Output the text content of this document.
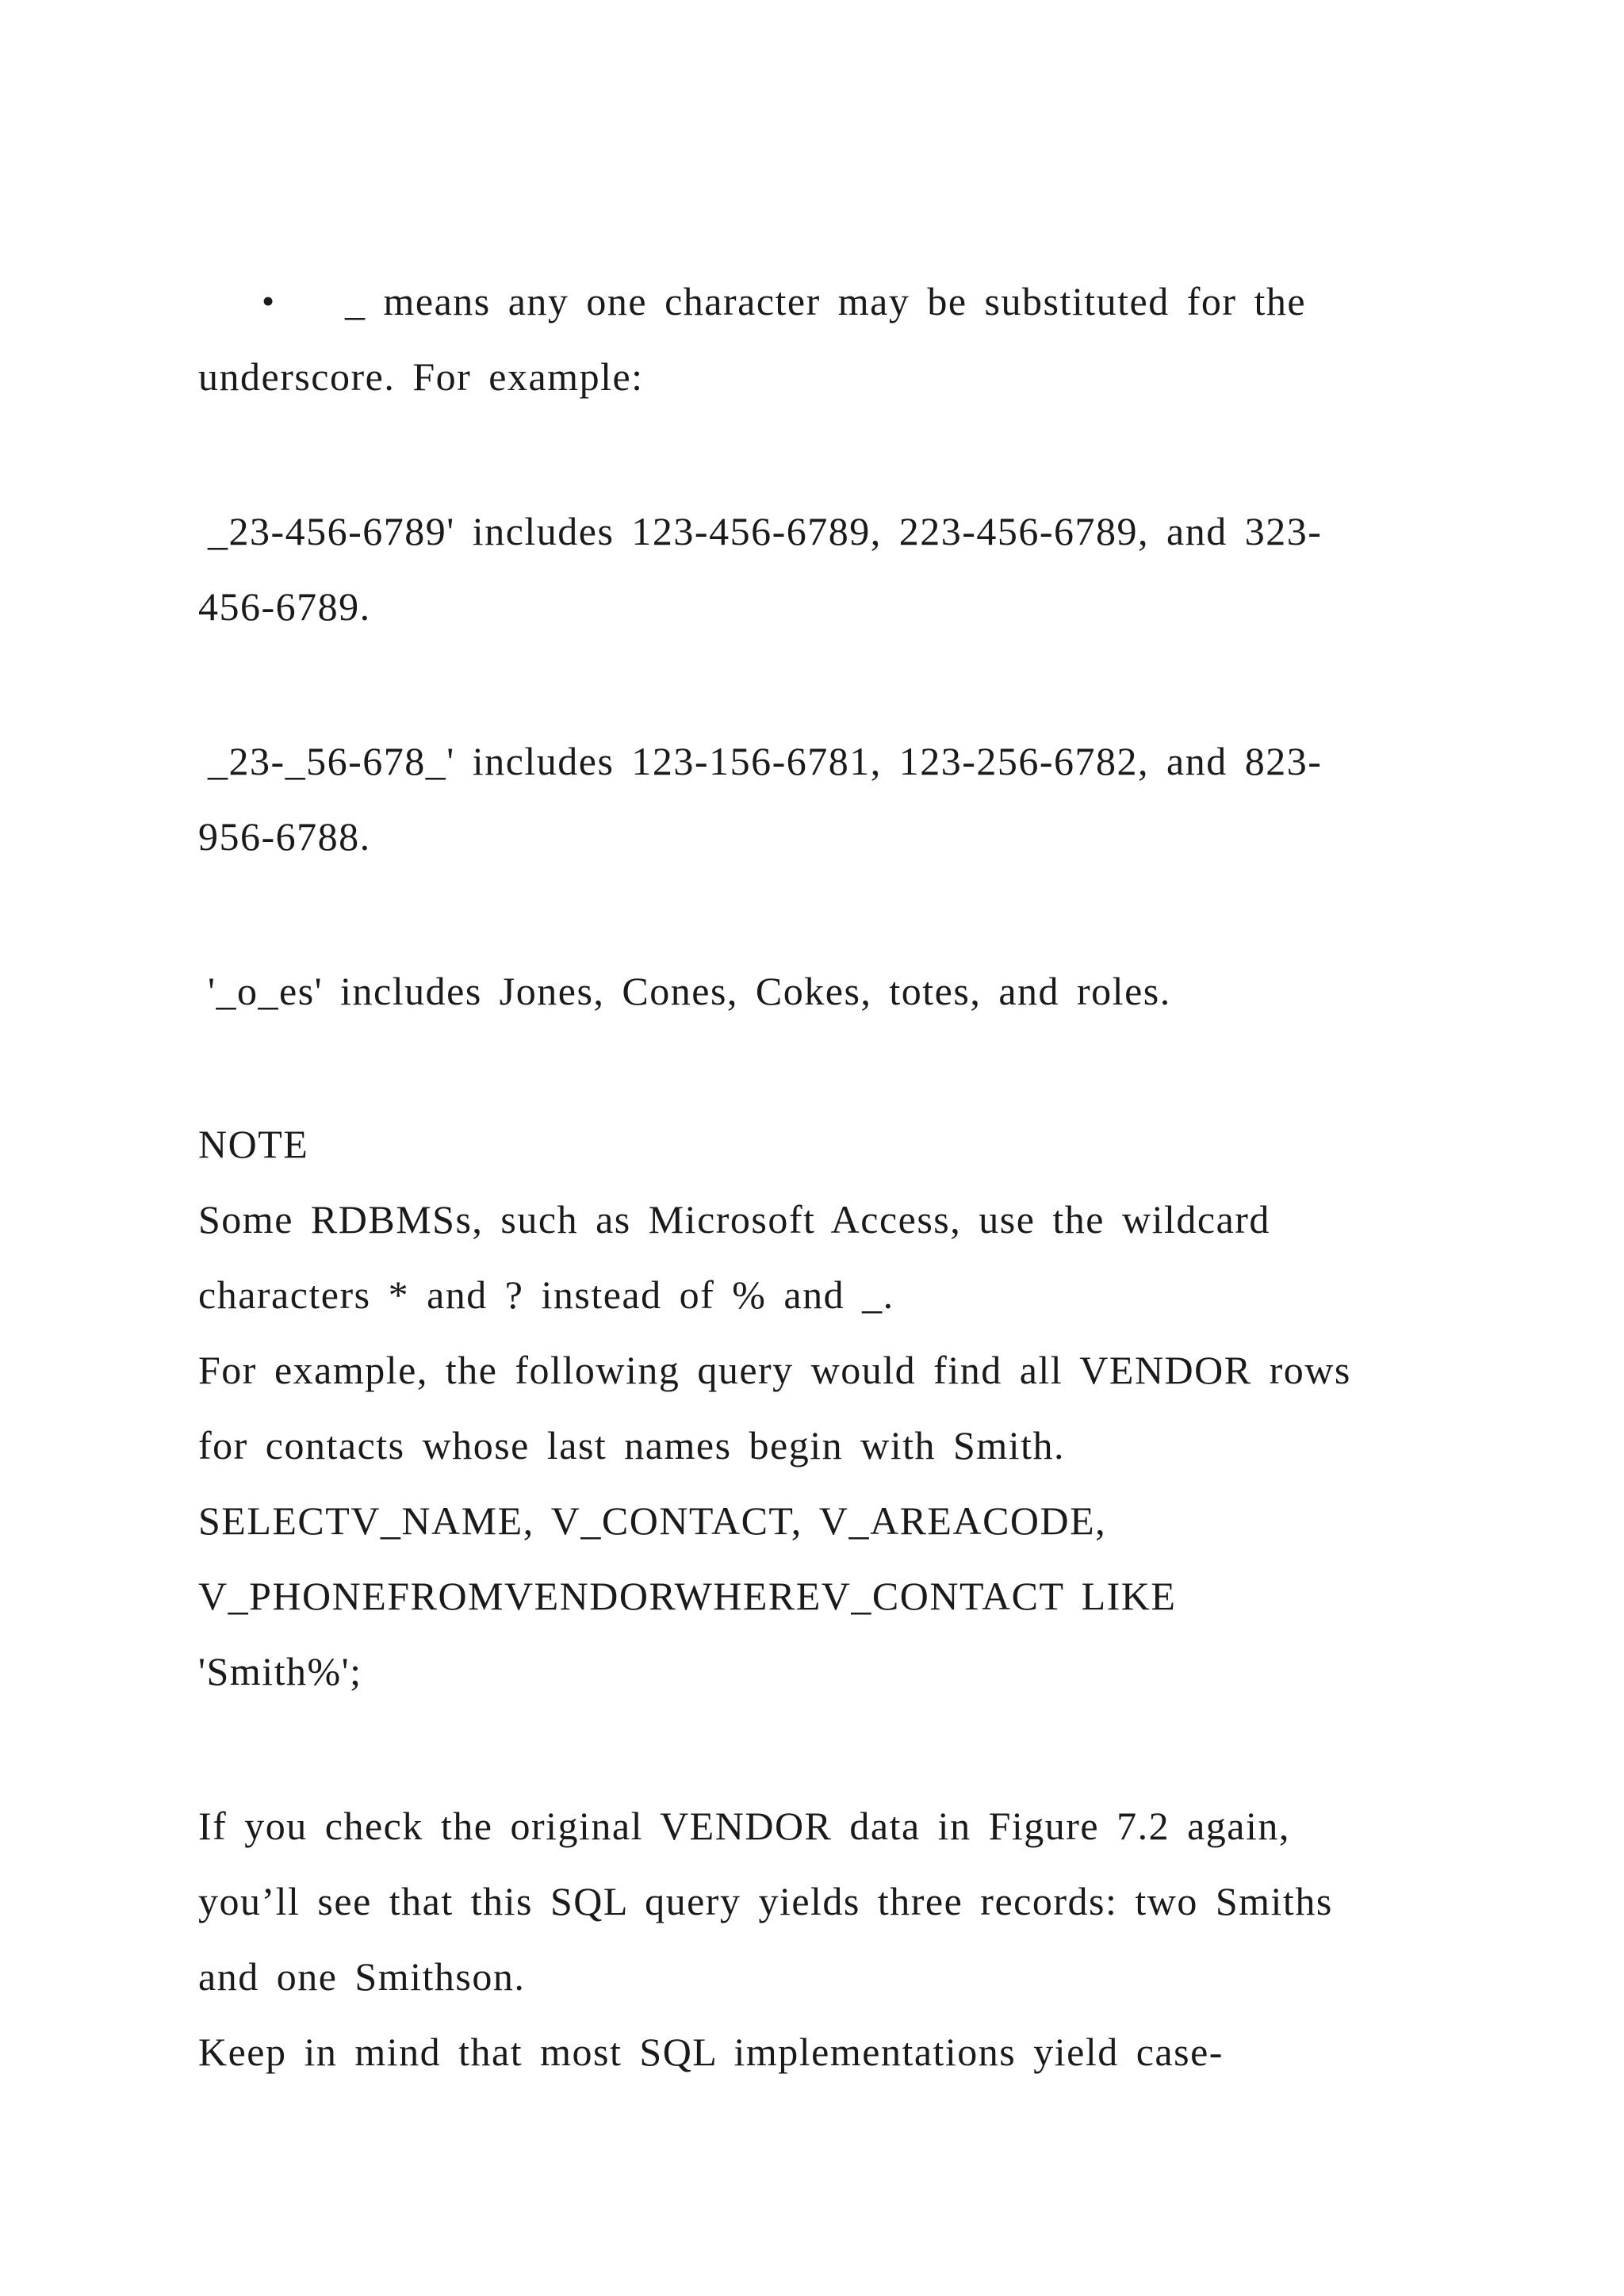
• _ means any one character may be substituted for the
underscore. For example:
_23-456-6789' includes 123-456-6789, 223-456-6789, and 323-
456-6789.
_23-_56-678_' includes 123-156-6781, 123-256-6782, and 823-
956-6788.
'_o_es' includes Jones, Cones, Cokes, totes, and roles.
NOTE
Some RDBMSs, such as Microsoft Access, use the wildcard
characters * and ? instead of % and _.
For example, the following query would find all VENDOR rows
for contacts whose last names begin with Smith.
SELECTV_NAME, V_CONTACT, V_AREACODE,
V_PHONEFROMVENDORWHEREV_CONTACT LIKE
'Smith%';
If you check the original VENDOR data in Figure 7.2 again,
you’ll see that this SQL query yields three records: two Smiths
and one Smithson.
Keep in mind that most SQL implementations yield case-
